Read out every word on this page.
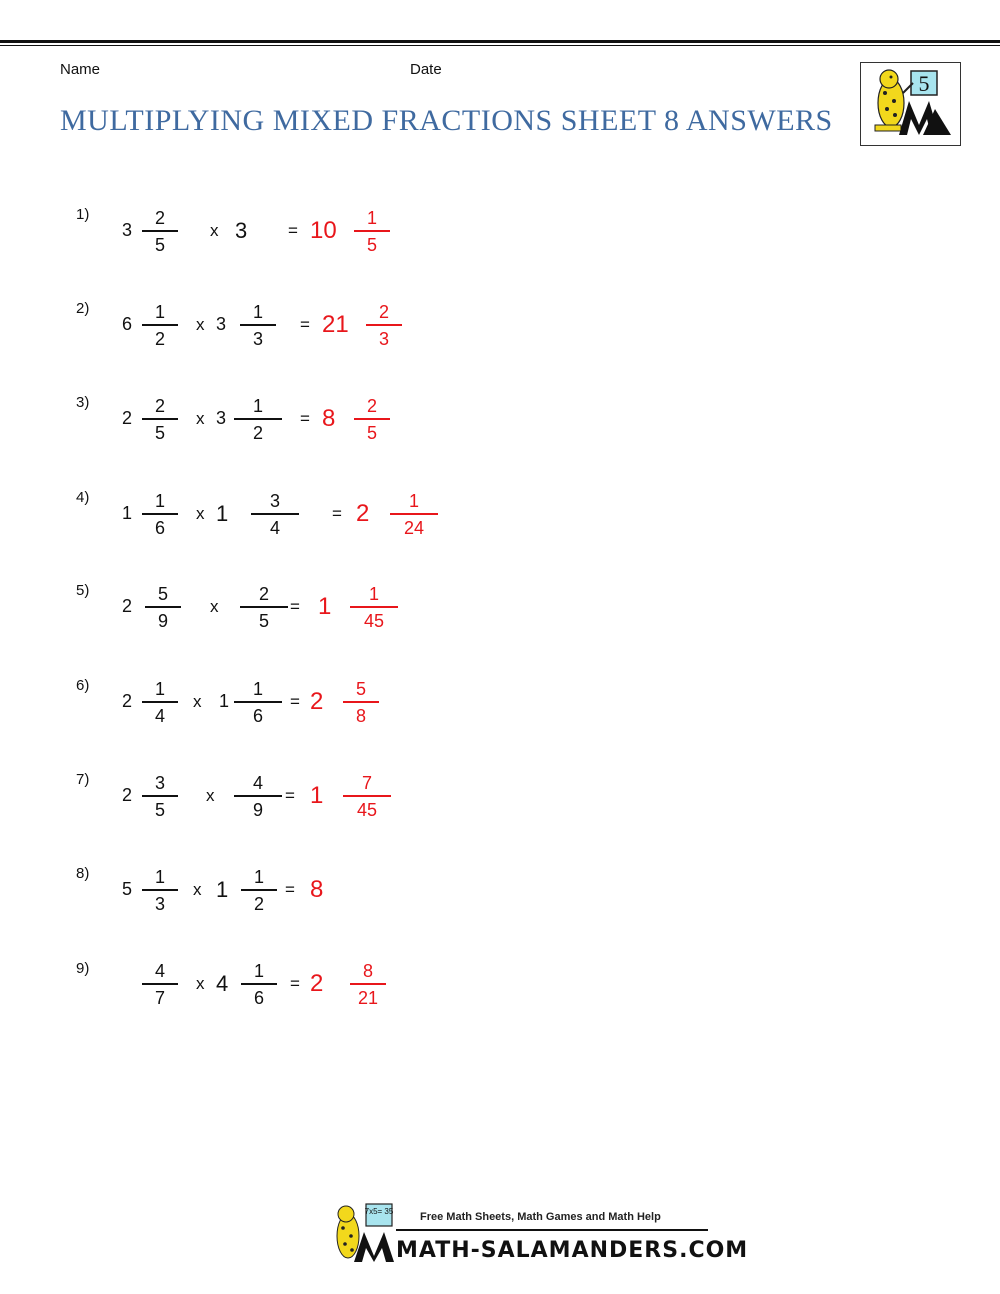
Name	Date
MULTIPLYING MIXED FRACTIONS SHEET 8 ANSWERS
5
1)
3
2
5
x 3 = 10 1
5
2)
6
1
2
x 3
1
3
= 21 2
3
3)
2
2
5
x 3
1
2
= 8 2
5
4)
1
1
6
x 1 3
4
= 2 1
24
5)
2
5
9
x
2
5
= 1 1
45
6)
2
1
4
x 1
1
6
= 2 5
8
7)
2
3
5
x
4
9
= 1 7
45
8)
5
1
3
x 1 1
2
= 8
9)	4
7
x 4 1
6
= 2 8
21
7x5= 35 Free Math Sheets, Math Games and Math Help
MATH-SALAMANDERS.COM
